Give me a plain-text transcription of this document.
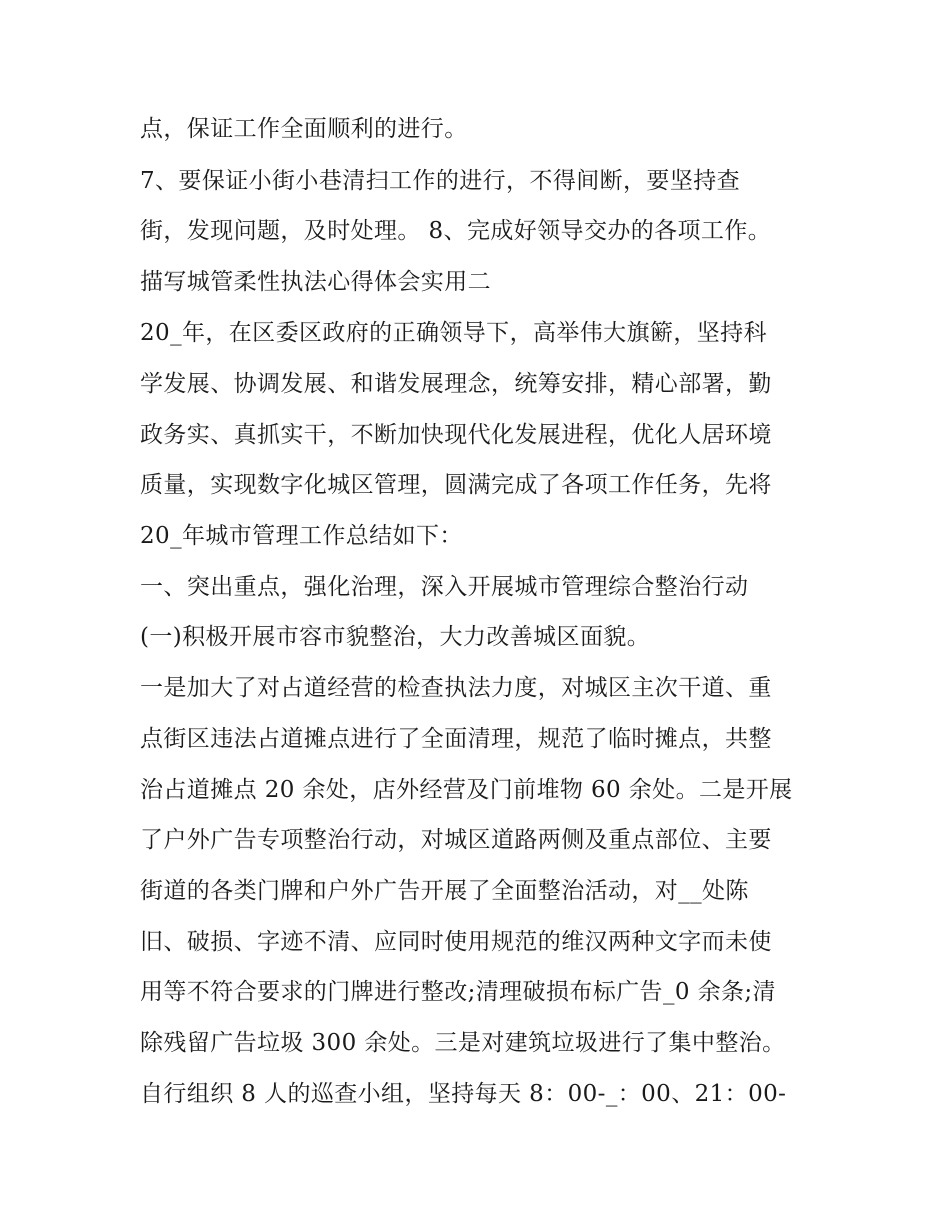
点，保证工作全面顺利的进行。
7、要保证小街小巷清扫工作的进行，不得间断，要坚持查
街，发现问题，及时处理。 8、完成好领导交办的各项工作。
描写城管柔性执法心得体会实用二
20_年，在区委区政府的正确领导下，高举伟大旗簖，坚持科
学发展、协调发展、和谐发展理念，统筹安排，精心部署，勤
政务实、真抓实干，不断加快现代化发展进程，优化人居环境
质量，实现数字化城区管理，圆满完成了各项工作任务，先将
20_年城市管理工作总结如下：
一、突出重点，强化治理，深入开展城市管理综合整治行动
(一)积极开展市容市貌整治，大力改善城区面貌。
一是加大了对占道经营的检查执法力度，对城区主次干道、重
点街区违法占道摊点进行了全面清理，规范了临时摊点，共整
治占道摊点 20 余处，店外经营及门前堆物 60 余处。二是开展
了户外广告专项整治行动，对城区道路两侧及重点部位、主要
街道的各类门牌和户外广告开展了全面整治活动，对__处陈
旧、破损、字迹不清、应同时使用规范的维汉两种文字而未使
用等不符合要求的门牌进行整改;清理破损布标广告_0 余条;清
除残留广告垃圾 300 余处。三是对建筑垃圾进行了集中整治。
自行组织 8 人的巡查小组，坚持每天 8：00-_：00、21：00-
